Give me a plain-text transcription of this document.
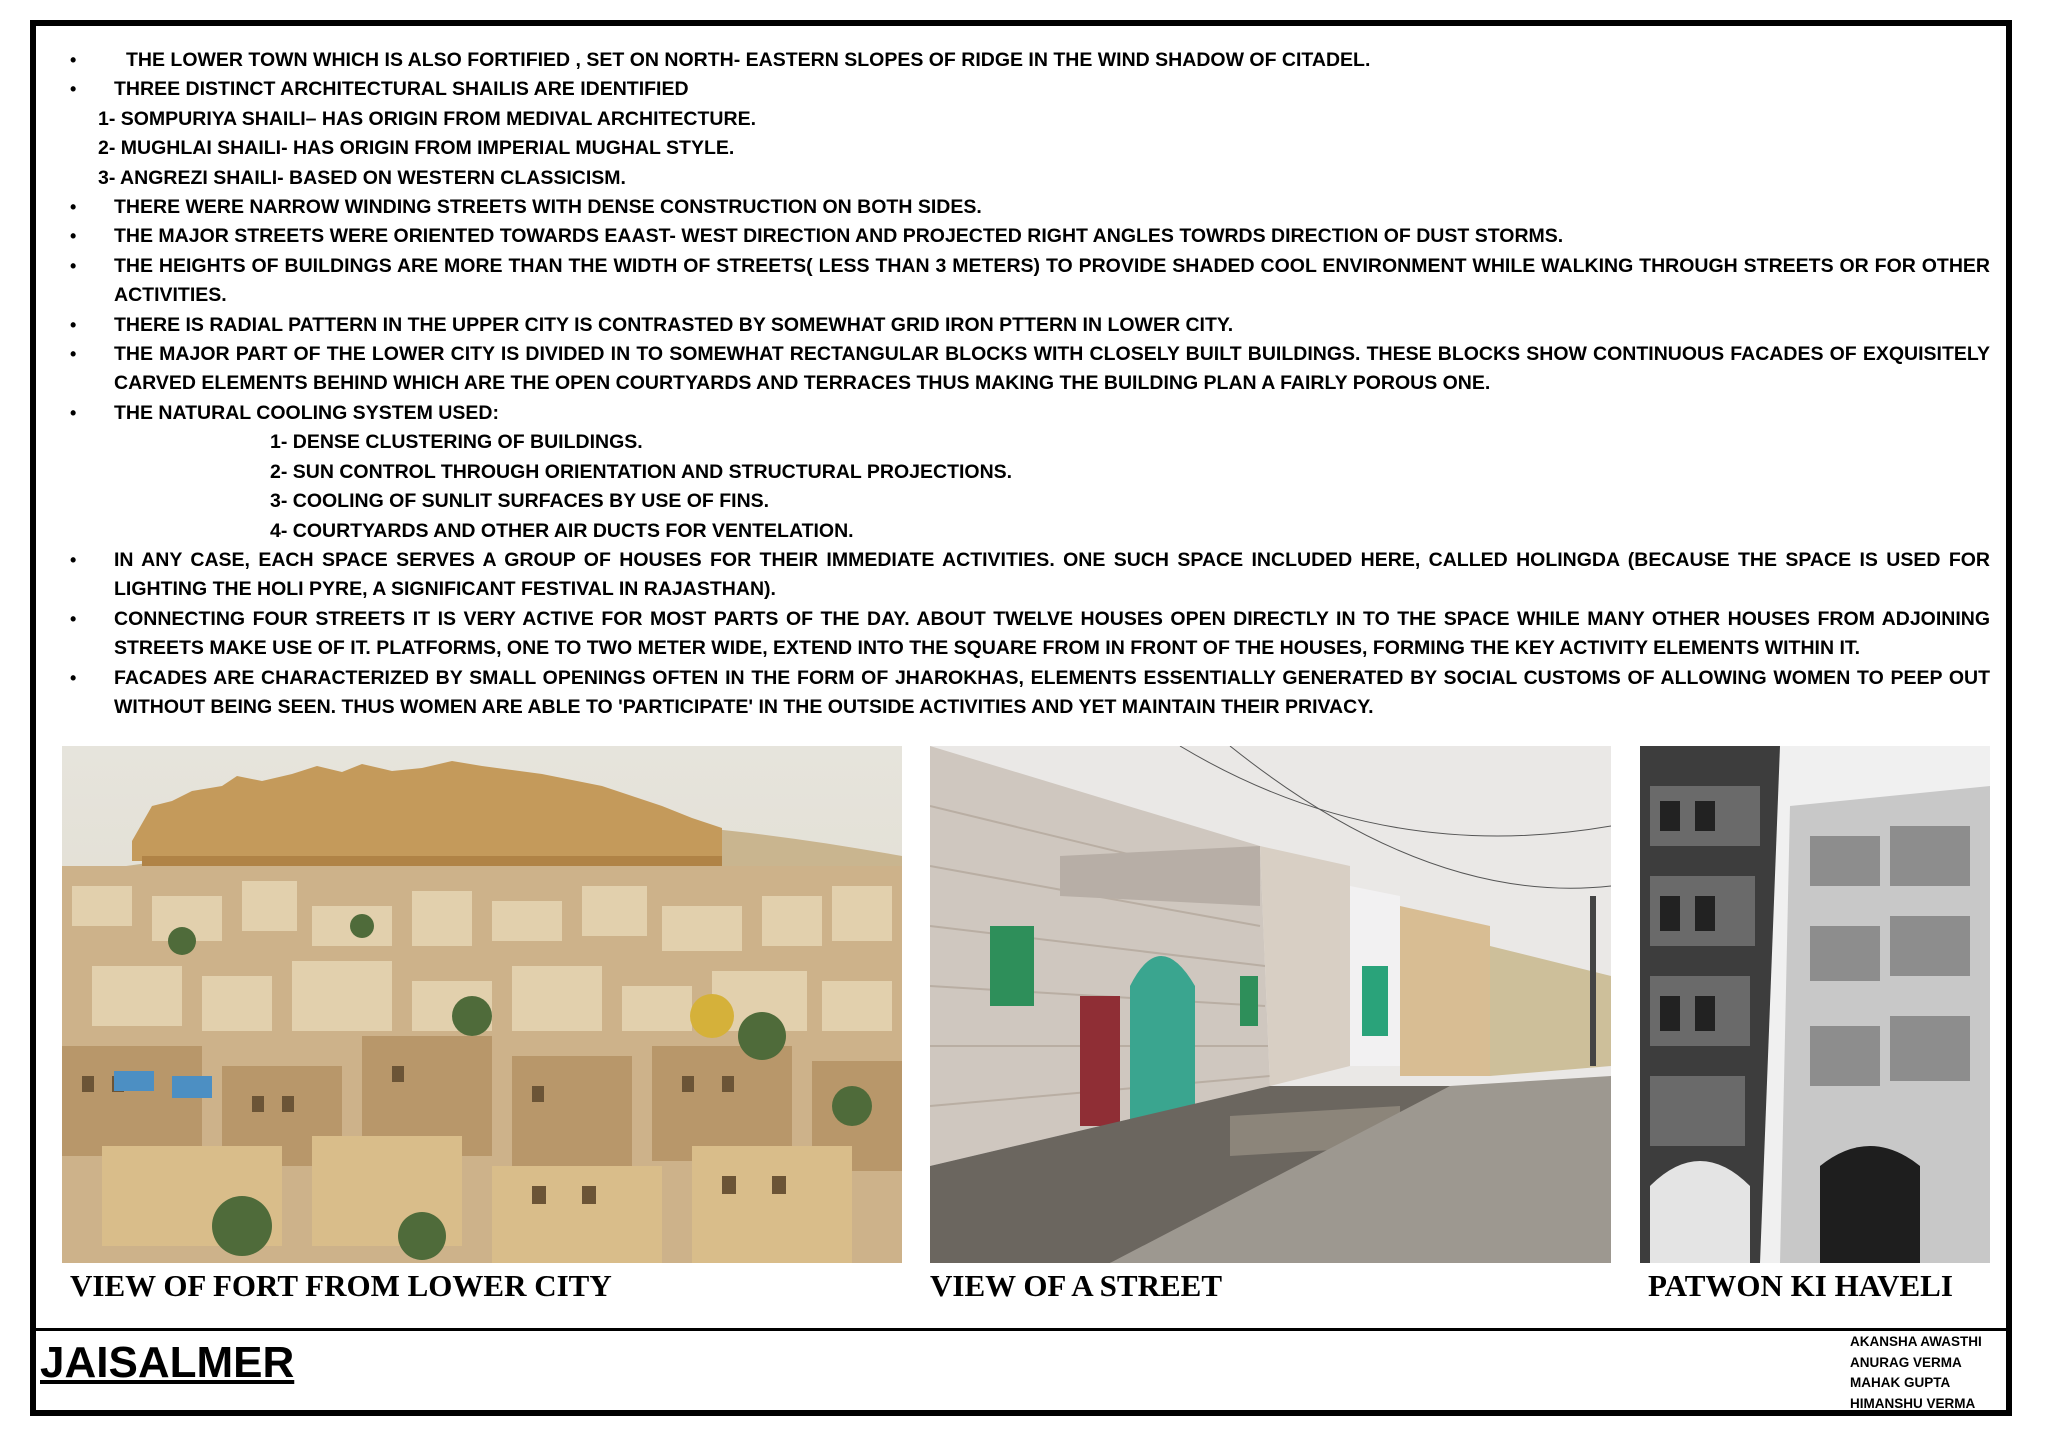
•	THE LOWER TOWN WHICH IS ALSO FORTIFIED , SET ON NORTH- EASTERN SLOPES OF RIDGE IN THE WIND SHADOW OF CITADEL.
• THREE DISTINCT ARCHITECTURAL SHAILIS ARE IDENTIFIED
1- SOMPURIYA SHAILI– HAS ORIGIN FROM MEDIVAL ARCHITECTURE.
2- MUGHLAI SHAILI- HAS ORIGIN FROM IMPERIAL MUGHAL STYLE.
3- ANGREZI SHAILI- BASED ON WESTERN CLASSICISM.
• THERE WERE NARROW WINDING STREETS WITH DENSE CONSTRUCTION ON BOTH SIDES.
• THE MAJOR STREETS WERE ORIENTED TOWARDS EAAST- WEST DIRECTION AND PROJECTED RIGHT ANGLES TOWRDS DIRECTION OF DUST STORMS.
• THE HEIGHTS OF BUILDINGS ARE MORE THAN THE WIDTH OF STREETS( LESS THAN 3 METERS) TO PROVIDE SHADED COOL ENVIRONMENT WHILE WALKING THROUGH STREETS OR FOR OTHER ACTIVITIES.
• THERE IS RADIAL PATTERN IN THE UPPER CITY IS CONTRASTED BY SOMEWHAT GRID IRON PTTERN IN LOWER CITY.
• THE MAJOR PART OF THE LOWER CITY IS DIVIDED IN TO SOMEWHAT RECTANGULAR BLOCKS WITH CLOSELY BUILT BUILDINGS. THESE BLOCKS SHOW CONTINUOUS FACADES OF EXQUISITELY CARVED ELEMENTS BEHIND WHICH ARE THE OPEN COURTYARDS AND TERRACES THUS MAKING THE BUILDING PLAN A FAIRLY POROUS ONE.
• THE NATURAL COOLING SYSTEM USED:
1- DENSE CLUSTERING OF BUILDINGS.
2- SUN CONTROL THROUGH ORIENTATION AND STRUCTURAL PROJECTIONS.
3- COOLING OF SUNLIT SURFACES BY USE OF FINS.
4- COURTYARDS AND OTHER AIR DUCTS FOR VENTELATION.
• IN ANY CASE, EACH SPACE SERVES A GROUP OF HOUSES FOR THEIR IMMEDIATE ACTIVITIES. ONE SUCH SPACE INCLUDED HERE, CALLED HOLINGDA (BECAUSE THE SPACE IS USED FOR LIGHTING THE HOLI PYRE, A SIGNIFICANT FESTIVAL IN RAJASTHAN).
• CONNECTING FOUR STREETS IT IS VERY ACTIVE FOR MOST PARTS OF THE DAY. ABOUT TWELVE HOUSES OPEN DIRECTLY IN TO THE SPACE WHILE MANY OTHER HOUSES FROM ADJOINING STREETS MAKE USE OF IT. PLATFORMS, ONE TO TWO METER WIDE, EXTEND INTO THE SQUARE FROM IN FRONT OF THE HOUSES, FORMING THE KEY ACTIVITY ELEMENTS WITHIN IT.
• FACADES ARE CHARACTERIZED BY SMALL OPENINGS OFTEN IN THE FORM OF JHAROKHAS, ELEMENTS ESSENTIALLY GENERATED BY SOCIAL CUSTOMS OF ALLOWING WOMEN TO PEEP OUT WITHOUT BEING SEEN. THUS WOMEN ARE ABLE TO 'PARTICIPATE' IN THE OUTSIDE ACTIVITIES AND YET MAINTAIN THEIR PRIVACY.
VIEW OF FORT FROM LOWER CITY	VIEW OF A STREET	PATWON KI HAVELI
JAISALMER	AKANSHA AWASTHI
ANURAG VERMA
MAHAK GUPTA
HIMANSHU VERMA
